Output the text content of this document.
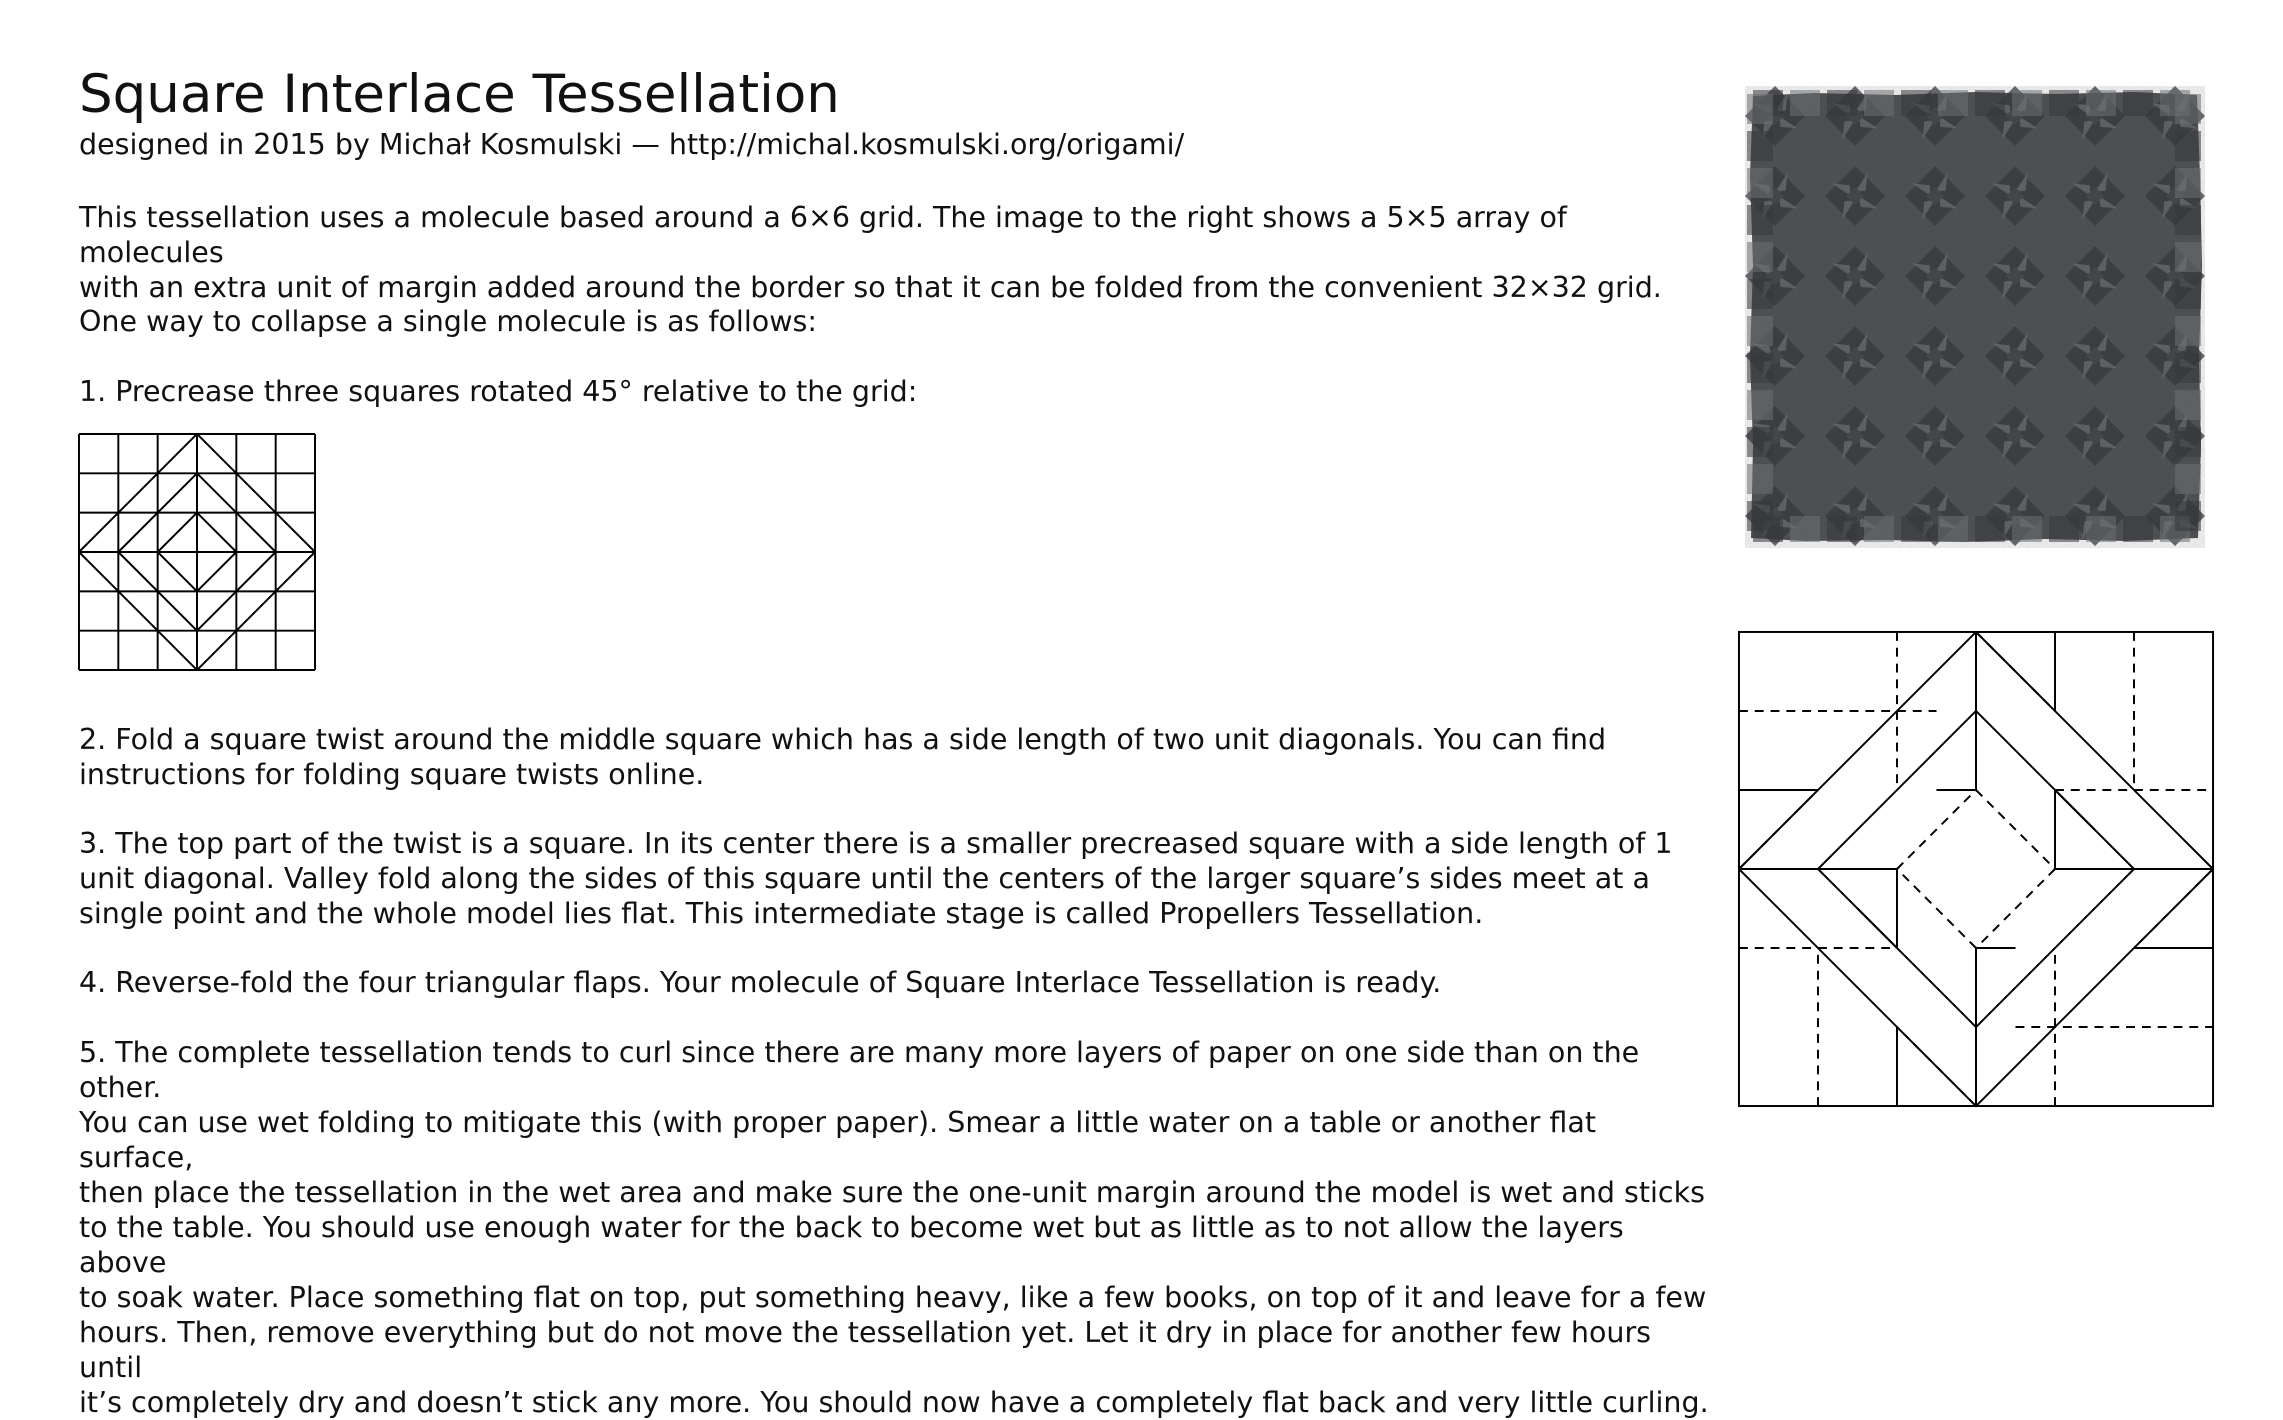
Square Interlace Tessellation

designed in 2015 by Michał Kosmulski — http://michal.kosmulski.org/origami/

This tessellation uses a molecule based around a 6×6 grid. The image to the right shows a 5×5 array of molecules
with an extra unit of margin added around the border so that it can be folded from the convenient 32×32 grid.

One way to collapse a single molecule is as follows:

1. Precrease three squares rotated 45° relative to the grid:

2. Fold a square twist around the middle square which has a side length of two unit diagonals. You can find
instructions for folding square twists online.

3. The top part of the twist is a square. In its center there is a smaller precreased square with a side length of 1
unit diagonal. Valley fold along the sides of this square until the centers of the larger square’s sides meet at a
single point and the whole model lies flat. This intermediate stage is called Propellers Tessellation.

4. Reverse-fold the four triangular flaps. Your molecule of Square Interlace Tessellation is ready.

5. The complete tessellation tends to curl since there are many more layers of paper on one side than on the other.
You can use wet folding to mitigate this (with proper paper). Smear a little water on a table or another flat surface,
then place the tessellation in the wet area and make sure the one-unit margin around the model is wet and sticks
to the table. You should use enough water for the back to become wet but as little as to not allow the layers above
to soak water. Place something flat on top, put something heavy, like a few books, on top of it and leave for a few
hours. Then, remove everything but do not move the tessellation yet. Let it dry in place for another few hours until
it’s completely dry and doesn’t stick any more. You should now have a completely flat back and very little curling.
